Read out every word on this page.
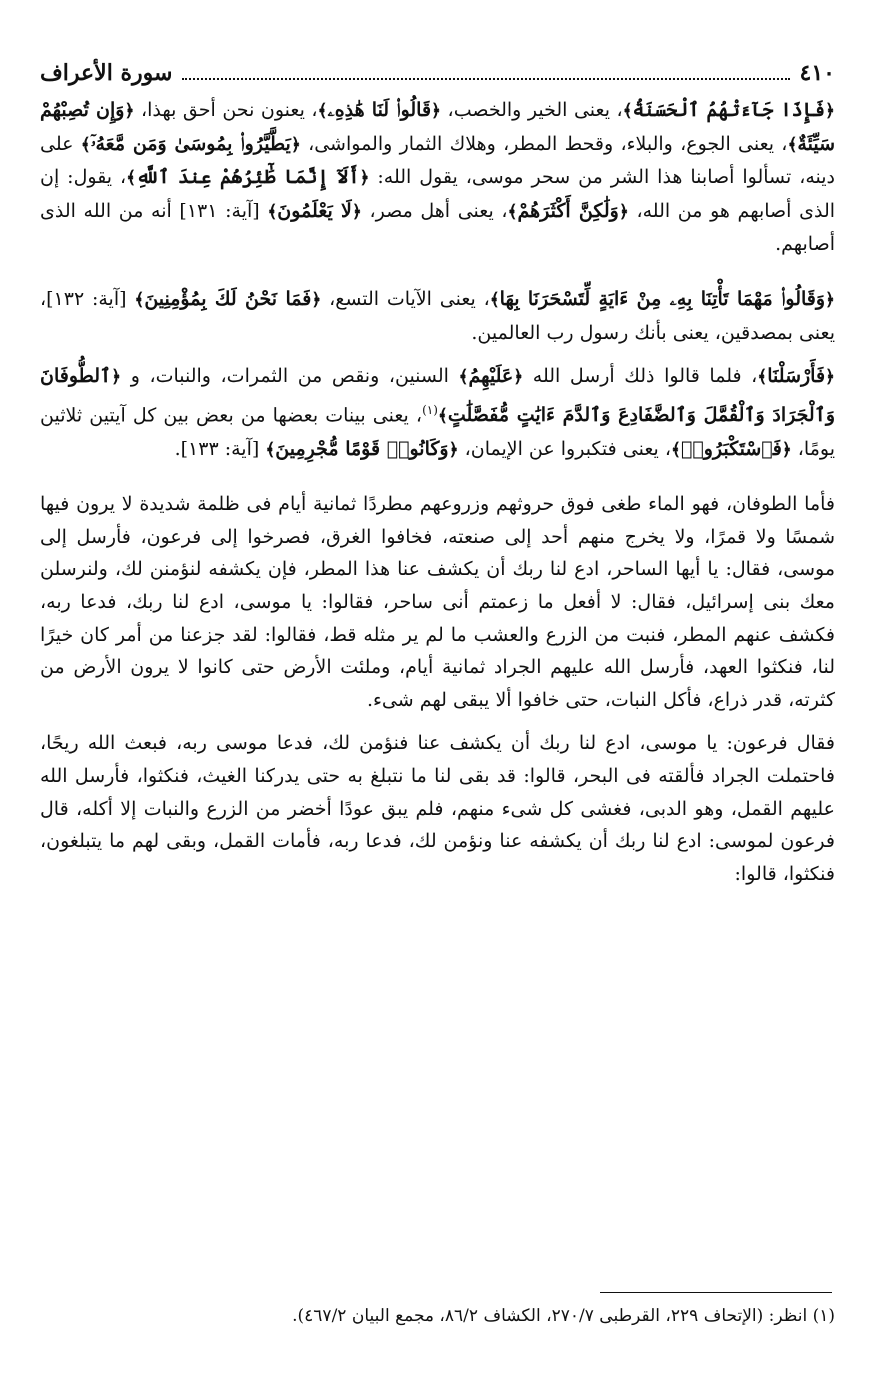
٤١٠
سورة الأعراف

﴿فَإِذَا جَآءَتْهُمُ ٱلْحَسَنَةُ﴾، يعنى الخير والخصب، ﴿قَالُوا۟ لَنَا هَٰذِهِۦ﴾، يعنون نحن أحق بهذا، ﴿وَإِن تُصِبْهُمْ سَيِّئَةٌ﴾، يعنى الجوع، والبلاء، وقحط المطر، وهلاك الثمار والمواشى، ﴿يَطَّيَّرُوا۟ بِمُوسَىٰ وَمَن مَّعَهُۥٓ﴾ على دينه، تسألوا أصابنا هذا الشر من سحر موسى، يقول الله: ﴿أَلَآ إِنَّمَا طَٰٓئِرُهُمْ عِندَ ٱللَّهِ﴾، يقول: إن الذى أصابهم هو من الله، ﴿وَلَٰكِنَّ أَكْثَرَهُمْ﴾، يعنى أهل مصر، ﴿لَا يَعْلَمُونَ﴾ [آية: ١٣١] أنه من الله الذى أصابهم.

﴿وَقَالُوا۟ مَهْمَا تَأْتِنَا بِهِۦ مِنْ ءَايَةٍ لِّتَسْحَرَنَا بِهَا﴾، يعنى الآيات التسع، ﴿فَمَا نَحْنُ لَكَ بِمُؤْمِنِينَ﴾ [آية: ١٣٢]، يعنى بمصدقين، يعنى بأنك رسول رب العالمين.

﴿فَأَرْسَلْنَا﴾، فلما قالوا ذلك أرسل الله ﴿عَلَيْهِمُ﴾ السنين، ونقص من الثمرات، والنبات، و ﴿ٱلطُّوفَانَ وَٱلْجَرَادَ وَٱلْقُمَّلَ وَٱلضَّفَادِعَ وَٱلدَّمَ ءَايَٰتٍ مُّفَصَّلَٰتٍ﴾$^{(١)}$، يعنى بينات بعضها من بعض بين كل آيتين ثلاثين يومًا، ﴿فَٱسْتَكْبَرُوا۟﴾، يعنى فتكبروا عن الإيمان، ﴿وَكَانُوا۟ قَوْمًا مُّجْرِمِينَ﴾ [آية: ١٣٣].

فأما الطوفان، فهو الماء طغى فوق حروثهم وزروعهم مطردًا ثمانية أيام فى ظلمة شديدة لا يرون فيها شمسًا ولا قمرًا، ولا يخرج منهم أحد إلى صنعته، فخافوا الغرق، فصرخوا إلى فرعون، فأرسل إلى موسى، فقال: يا أيها الساحر، ادع لنا ربك أن يكشف عنا هذا المطر، فإن يكشفه لنؤمنن لك، ولنرسلن معك بنى إسرائيل، فقال: لا أفعل ما زعمتم أنى ساحر، فقالوا: يا موسى، ادع لنا ربك، فدعا ربه، فكشف عنهم المطر، فنبت من الزرع والعشب ما لم ير مثله قط، فقالوا: لقد جزعنا من أمر كان خيرًا لنا، فنكثوا العهد، فأرسل الله عليهم الجراد ثمانية أيام، وملئت الأرض حتى كانوا لا يرون الأرض من كثرته، قدر ذراع، فأكل النبات، حتى خافوا ألا يبقى لهم شىء.

فقال فرعون: يا موسى، ادع لنا ربك أن يكشف عنا فنؤمن لك، فدعا موسى ربه، فبعث الله ريحًا، فاحتملت الجراد فألقته فى البحر، قالوا: قد بقى لنا ما نتبلغ به حتى يدركنا الغيث، فنكثوا، فأرسل الله عليهم القمل، وهو الدبى، فغشى كل شىء منهم، فلم يبق عودًا أخضر من الزرع والنبات إلا أكله، قال فرعون لموسى: ادع لنا ربك أن يكشفه عنا ونؤمن لك، فدعا ربه، فأمات القمل، وبقى لهم ما يتبلغون، فنكثوا، قالوا:

(١) انظر: (الإتحاف ٢٢٩، القرطبى ٢٧٠/٧، الكشاف ٨٦/٢، مجمع البيان ٤٦٧/٢).
